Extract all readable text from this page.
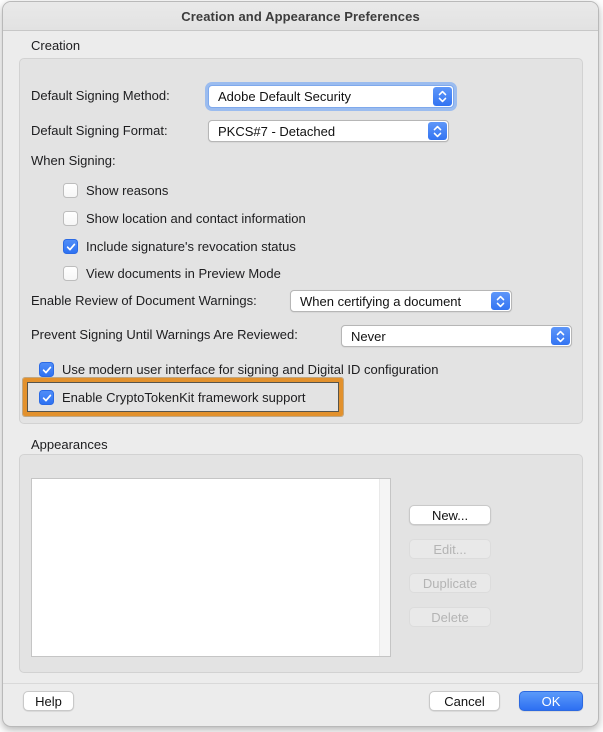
Creation and Appearance Preferences
Creation
Default Signing Method:	Adobe Default Security
Default Signing Format:	PKCS#7 - Detached
When Signing:
Show reasons
Show location and contact information
Include signature's revocation status
View documents in Preview Mode
Enable Review of Document Warnings:	When certifying a document
Prevent Signing Until Warnings Are Reviewed:	Never
Use modern user interface for signing and Digital ID configuration
Enable CryptoTokenKit framework support
Appearances
New...
Edit...
Duplicate
Delete
Help	Cancel	OK
